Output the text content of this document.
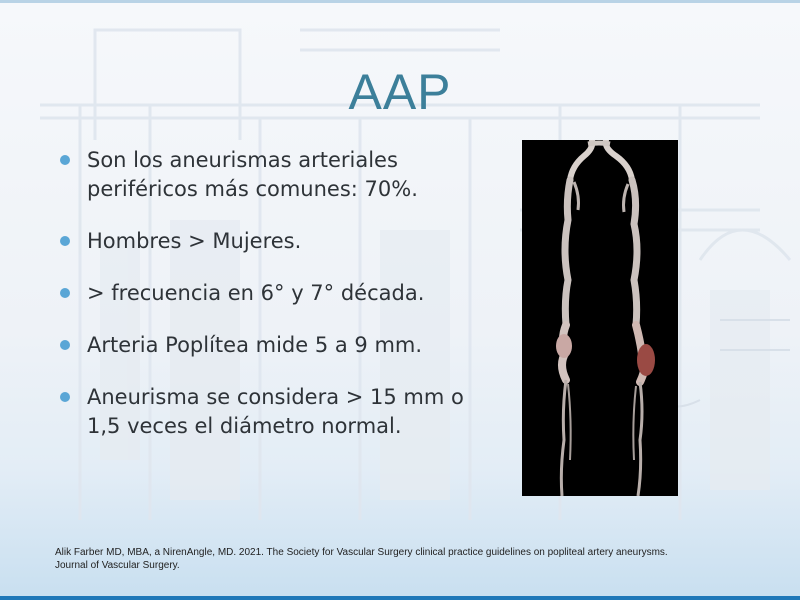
AAP
Son los aneurismas arteriales periféricos más comunes: 70%.
Hombres > Mujeres.
> frecuencia en 6° y 7° década.
Arteria Poplítea mide 5 a 9 mm.
Aneurisma se considera > 15 mm o 1,5 veces el diámetro normal.
Alik Farber MD, MBA, a NirenAngle, MD. 2021. The Society for Vascular Surgery clinical practice guidelines on popliteal artery aneurysms.
Journal of Vascular Surgery.
